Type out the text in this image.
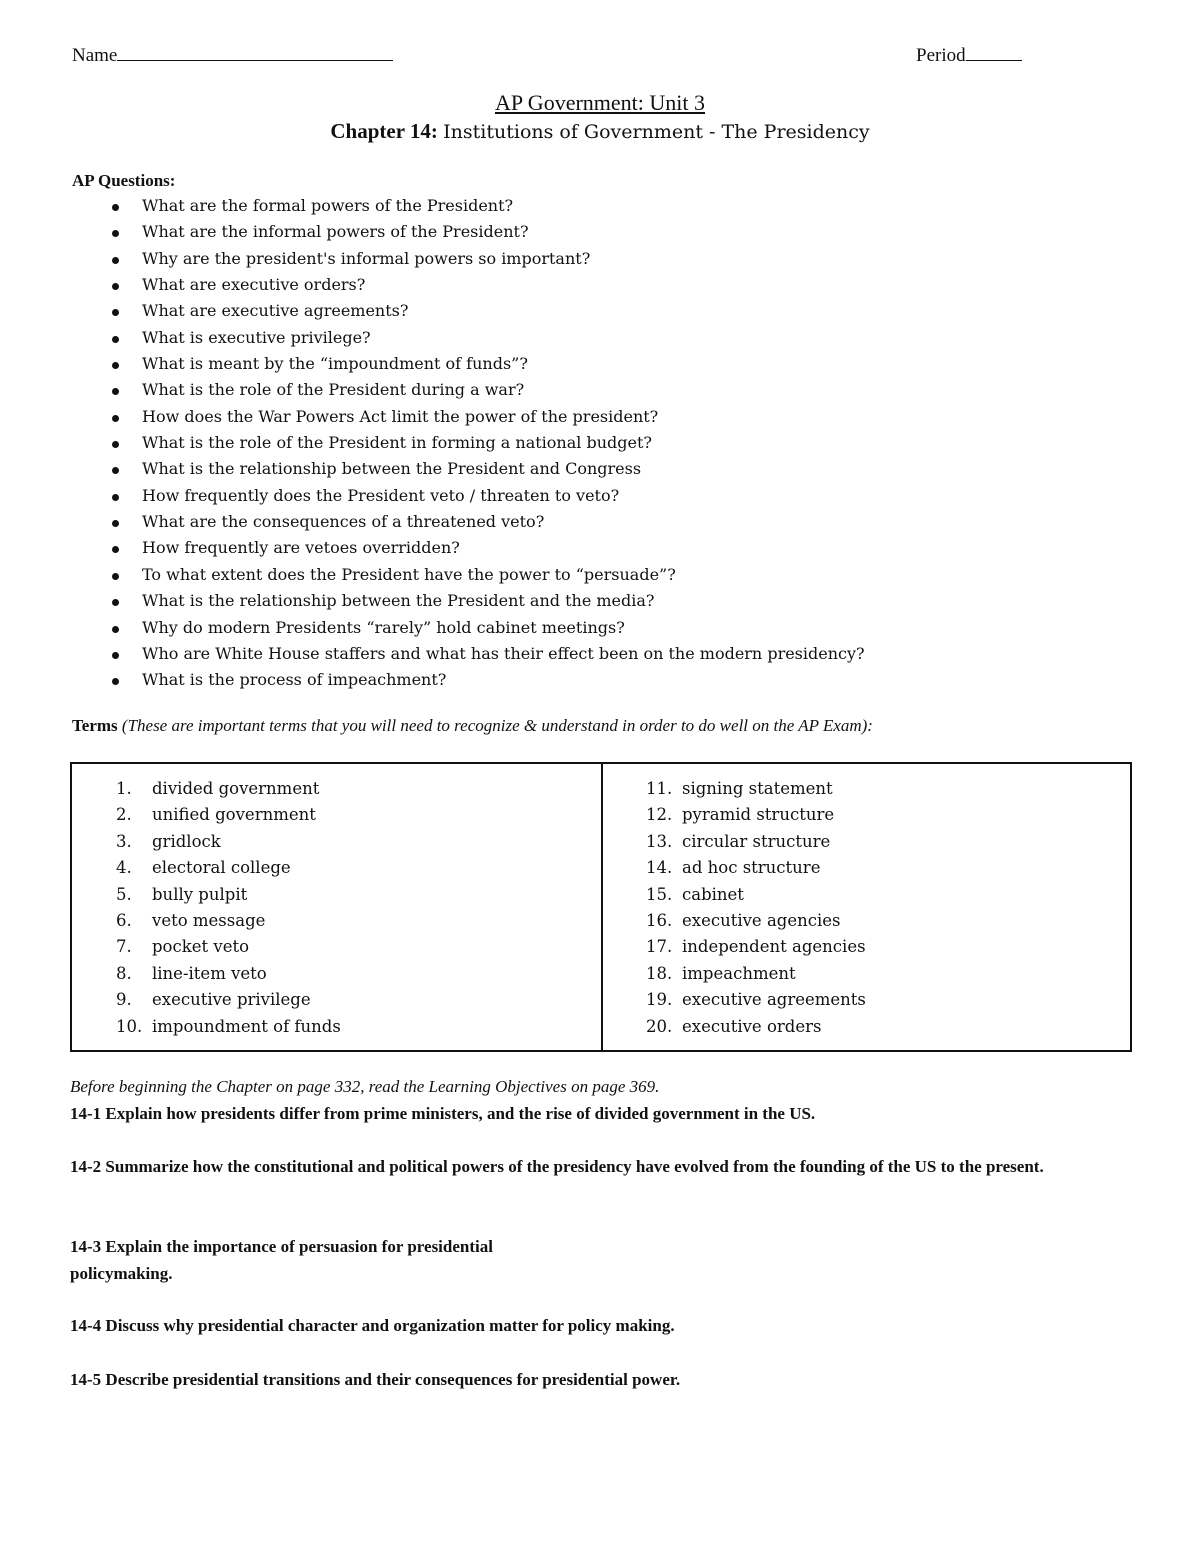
Name	Period
AP Government: Unit 3
Chapter 14: Institutions of Government - The Presidency
AP Questions:
What are the formal powers of the President?
What are the informal powers of the President?
Why are the president's informal powers so important?
What are executive orders?
What are executive agreements?
What is executive privilege?
What is meant by the “impoundment of funds”?
What is the role of the President during a war?
How does the War Powers Act limit the power of the president?
What is the role of the President in forming a national budget?
What is the relationship between the President and Congress
How frequently does the President veto / threaten to veto?
What are the consequences of a threatened veto?
How frequently are vetoes overridden?
To what extent does the President have the power to “persuade”?
What is the relationship between the President and the media?
Why do modern Presidents “rarely” hold cabinet meetings?
Who are White House staffers and what has their effect been on the modern presidency?
What is the process of impeachment?
Terms (These are important terms that you will need to recognize & understand in order to do well on the AP Exam):
1. divided government
2. unified government
3. gridlock
4. electoral college
5. bully pulpit
6. veto message
7. pocket veto
8. line-item veto
9. executive privilege
10. impoundment of funds
11. signing statement
12. pyramid structure
13. circular structure
14. ad hoc structure
15. cabinet
16. executive agencies
17. independent agencies
18. impeachment
19. executive agreements
20. executive orders
Before beginning the Chapter on page 332, read the Learning Objectives on page 369.
14-1 Explain how presidents differ from prime ministers, and the rise of divided government in the US.
14-2 Summarize how the constitutional and political powers of the presidency have evolved from the founding of the US to the present.
14-3 Explain the importance of persuasion for presidential policymaking.
14-4 Discuss why presidential character and organization matter for policy making.
14-5 Describe presidential transitions and their consequences for presidential power.
